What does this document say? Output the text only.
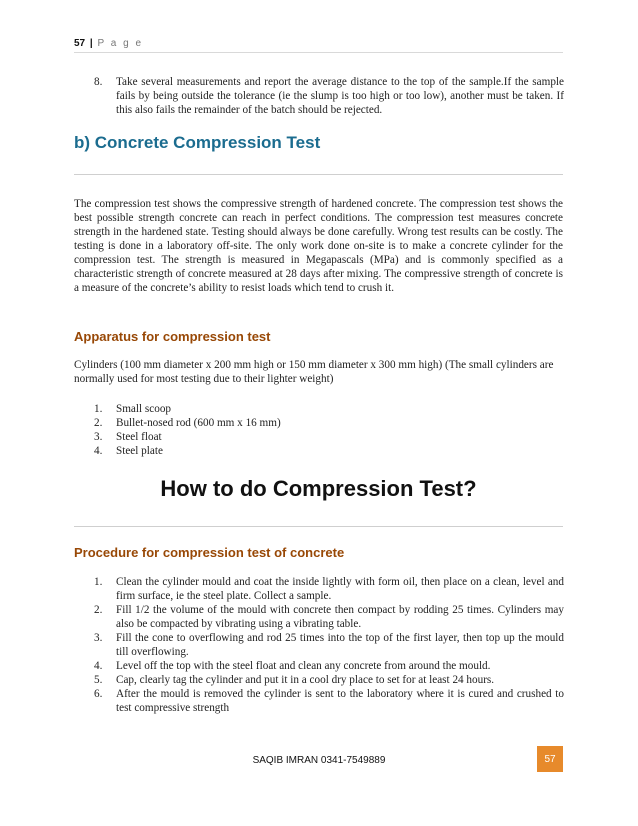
57 | P a g e
8. Take several measurements and report the average distance to the top of the sample.If the sample fails by being outside the tolerance (ie the slump is too high or too low), another must be taken. If this also fails the remainder of the batch should be rejected.
b) Concrete Compression Test
The compression test shows the compressive strength of hardened concrete. The compression test shows the best possible strength concrete can reach in perfect conditions. The compression test measures concrete strength in the hardened state. Testing should always be done carefully. Wrong test results can be costly. The testing is done in a laboratory off-site. The only work done on-site is to make a concrete cylinder for the compression test. The strength is measured in Megapascals (MPa) and is commonly specified as a characteristic strength of concrete measured at 28 days after mixing. The compressive strength of concrete is a measure of the concrete’s ability to resist loads which tend to crush it.
Apparatus for compression test
Cylinders (100 mm diameter x 200 mm high or 150 mm diameter x 300 mm high) (The small cylinders are normally used for most testing due to their lighter weight)
1. Small scoop
2. Bullet-nosed rod (600 mm x 16 mm)
3. Steel float
4. Steel plate
How to do Compression Test?
Procedure for compression test of concrete
1. Clean the cylinder mould and coat the inside lightly with form oil, then place on a clean, level and firm surface, ie the steel plate. Collect a sample.
2. Fill 1/2 the volume of the mould with concrete then compact by rodding 25 times. Cylinders may also be compacted by vibrating using a vibrating table.
3. Fill the cone to overflowing and rod 25 times into the top of the first layer, then top up the mould till overflowing.
4. Level off the top with the steel float and clean any concrete from around the mould.
5. Cap, clearly tag the cylinder and put it in a cool dry place to set for at least 24 hours.
6. After the mould is removed the cylinder is sent to the laboratory where it is cured and crushed to test compressive strength
SAQIB IMRAN 0341-7549889	57
